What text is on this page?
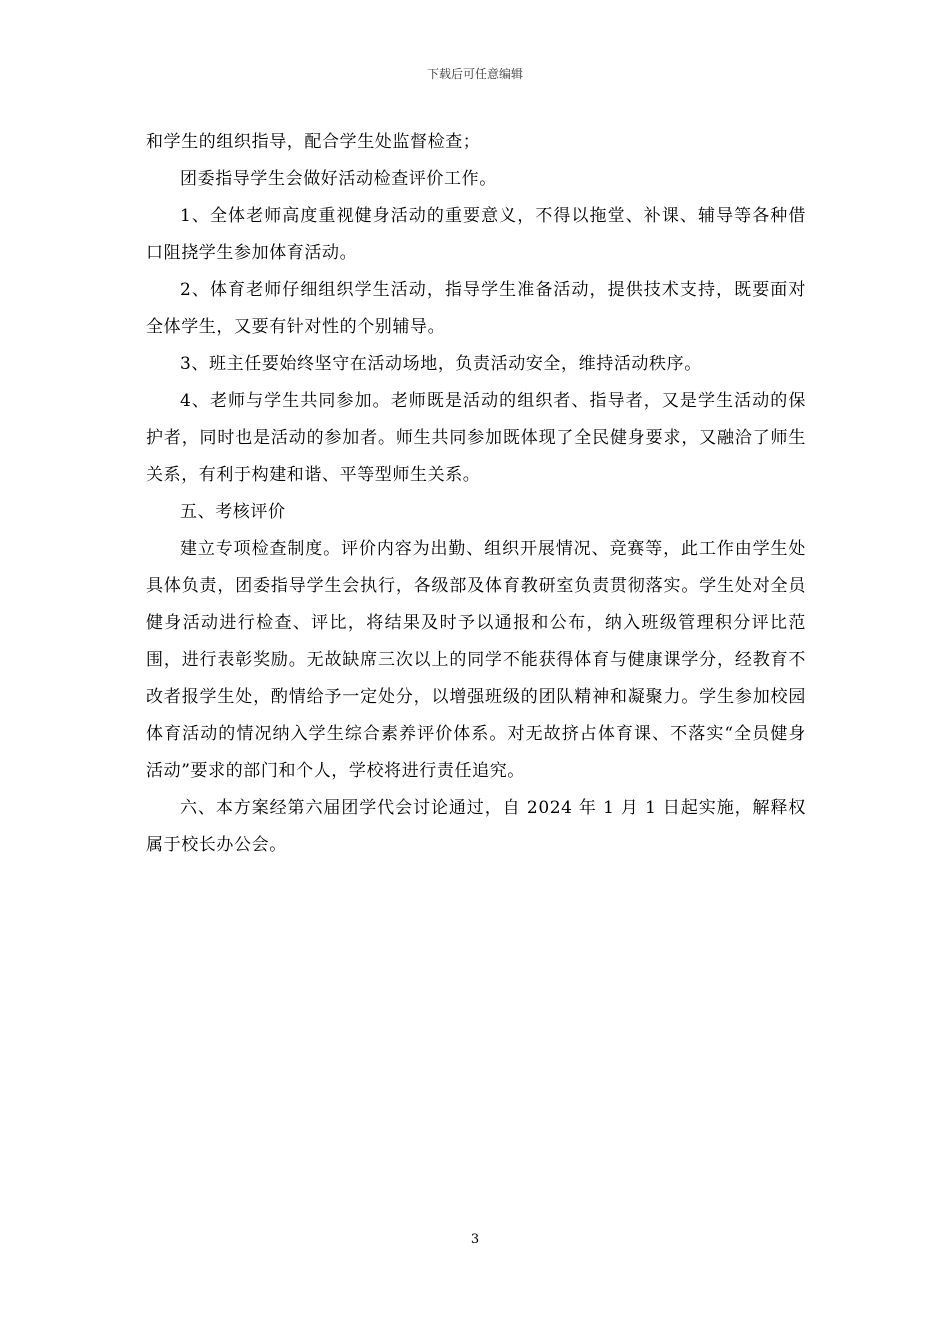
下载后可任意编辑

和学生的组织指导，配合学生处监督检查；

团委指导学生会做好活动检查评价工作。

1、全体老师高度重视健身活动的重要意义，不得以拖堂、补课、辅导等各种借口阻挠学生参加体育活动。

2、体育老师仔细组织学生活动，指导学生准备活动，提供技术支持，既要面对全体学生，又要有针对性的个别辅导。

3、班主任要始终坚守在活动场地，负责活动安全，维持活动秩序。

4、老师与学生共同参加。老师既是活动的组织者、指导者，又是学生活动的保护者，同时也是活动的参加者。师生共同参加既体现了全民健身要求，又融洽了师生关系，有利于构建和谐、平等型师生关系。

五、考核评价

建立专项检查制度。评价内容为出勤、组织开展情况、竞赛等，此工作由学生处具体负责，团委指导学生会执行，各级部及体育教研室负责贯彻落实。学生处对全员健身活动进行检查、评比，将结果及时予以通报和公布，纳入班级管理积分评比范围，进行表彰奖励。无故缺席三次以上的同学不能获得体育与健康课学分，经教育不改者报学生处，酌情给予一定处分，以增强班级的团队精神和凝聚力。学生参加校园体育活动的情况纳入学生综合素养评价体系。对无故挤占体育课、不落实“全员健身活动”要求的部门和个人，学校将进行责任追究。

六、本方案经第六届团学代会讨论通过，自 2024 年 1 月 1 日起实施，解释权属于校长办公会。

3
